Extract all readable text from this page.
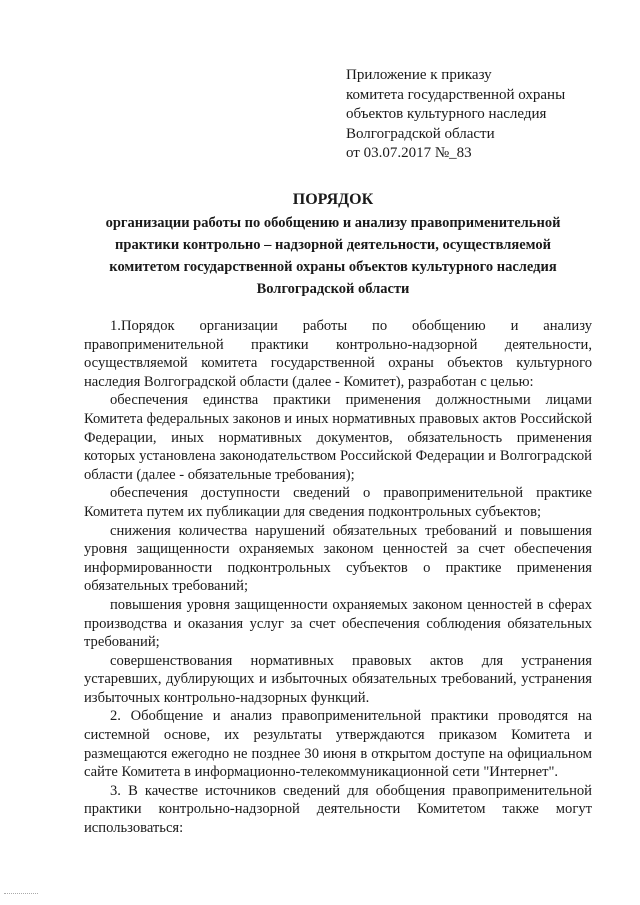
Приложение к приказу
комитета государственной охраны
объектов культурного наследия
Волгоградской области
от 03.07.2017 №_83
ПОРЯДОК
организации работы по обобщению и анализу правоприменительной практики контрольно – надзорной деятельности, осуществляемой комитетом государственной охраны объектов культурного наследия Волгоградской области

1.Порядок организации работы по обобщению и анализу правоприменительной практики контрольно-надзорной деятельности, осуществляемой комитета государственной охраны объектов культурного наследия Волгоградской области (далее - Комитет), разработан с целью:

обеспечения единства практики применения должностными лицами Комитета федеральных законов и иных нормативных правовых актов Российской Федерации, иных нормативных документов, обязательность применения которых установлена законодательством Российской Федерации и Волгоградской области (далее - обязательные требования);

обеспечения доступности сведений о правоприменительной практике Комитета путем их публикации для сведения подконтрольных субъектов;

снижения количества нарушений обязательных требований и повышения уровня защищенности охраняемых законом ценностей за счет обеспечения информированности подконтрольных субъектов о практике применения обязательных требований;

повышения уровня защищенности охраняемых законом ценностей в сферах производства и оказания услуг за счет обеспечения соблюдения обязательных требований;

совершенствования нормативных правовых актов для устранения устаревших, дублирующих и избыточных обязательных требований, устранения избыточных контрольно-надзорных функций.

2. Обобщение и анализ правоприменительной практики проводятся на системной основе, их результаты утверждаются приказом Комитета и размещаются ежегодно не позднее 30 июня в открытом доступе на официальном сайте Комитета в информационно-телекоммуникационной сети "Интернет".

3. В качестве источников сведений для обобщения правоприменительной практики контрольно-надзорной деятельности Комитетом также могут использоваться:
